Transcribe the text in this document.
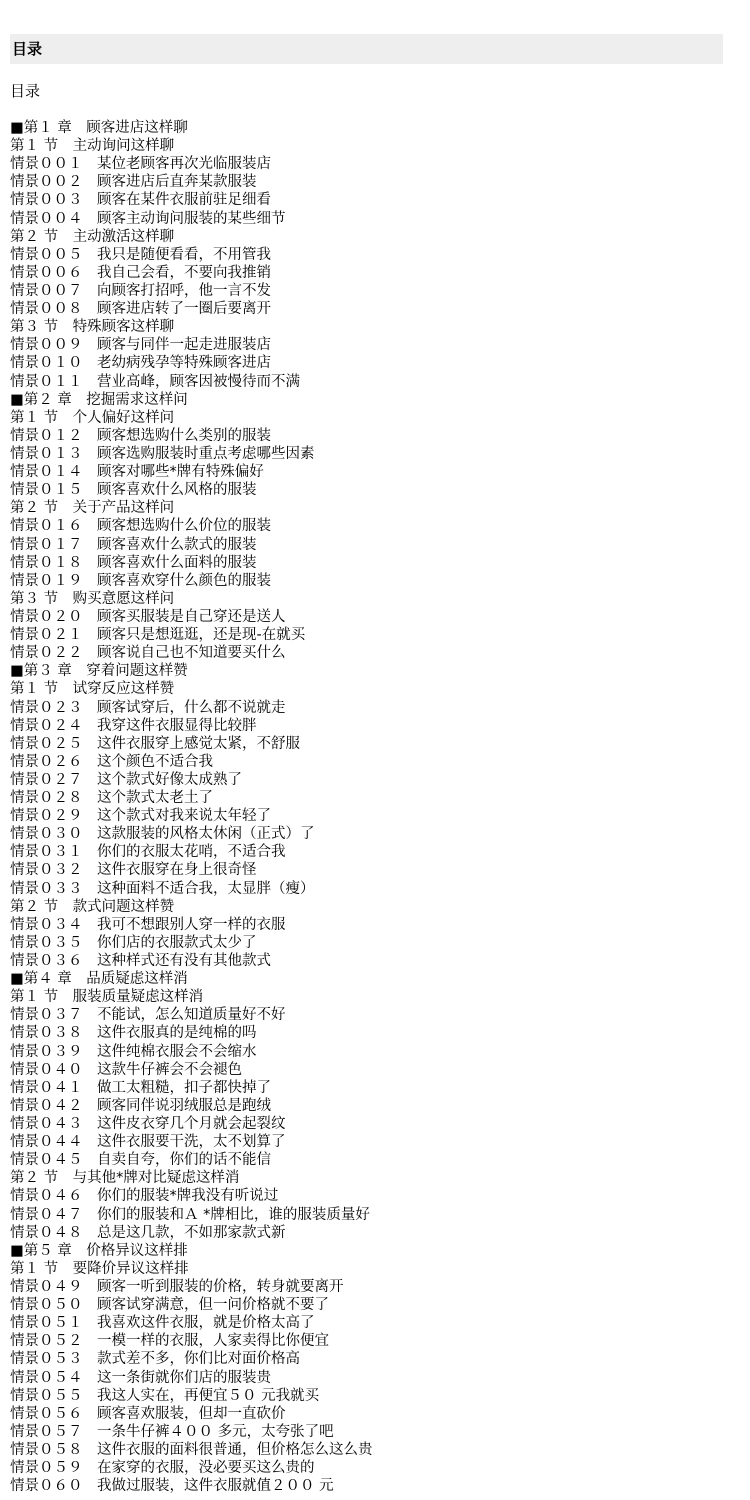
目录
目录
■第１ 章　顾客进店这样聊
第１ 节　主动询问这样聊
情景００１　某位老顾客再次光临服装店
情景００２　顾客进店后直奔某款服装
情景００３　顾客在某件衣服前驻足细看
情景００４　顾客主动询问服装的某些细节
第２ 节　主动激活这样聊
情景００５　我只是随便看看，不用管我
情景００６　我自己会看，不要向我推销
情景００７　向顾客打招呼，他一言不发
情景００８　顾客进店转了一圈后要离开
第３ 节　特殊顾客这样聊
情景００９　顾客与同伴一起走进服装店
情景０１０　老幼病残孕等特殊顾客进店
情景０１１　营业高峰，顾客因被慢待而不满
■第２ 章　挖掘需求这样问
第１ 节　个人偏好这样问
情景０１２　顾客想选购什么类别的服装
情景０１３　顾客选购服装时重点考虑哪些因素
情景０１４　顾客对哪些*牌有特殊偏好
情景０１５　顾客喜欢什么风格的服装
第２ 节　关于产品这样问
情景０１６　顾客想选购什么价位的服装
情景０１７　顾客喜欢什么款式的服装
情景０１８　顾客喜欢什么面料的服装
情景０１９　顾客喜欢穿什么颜色的服装
第３ 节　购买意愿这样问
情景０２０　顾客买服装是自己穿还是送人
情景０２１　顾客只是想逛逛，还是现-在就买
情景０２２　顾客说自己也不知道要买什么
■第３ 章　穿着问题这样赞
第１ 节　试穿反应这样赞
情景０２３　顾客试穿后，什么都不说就走
情景０２４　我穿这件衣服显得比较胖
情景０２５　这件衣服穿上感觉太紧，不舒服
情景０２６　这个颜色不适合我
情景０２７　这个款式好像太成熟了
情景０２８　这个款式太老土了
情景０２９　这个款式对我来说太年轻了
情景０３０　这款服装的风格太休闲（正式）了
情景０３１　你们的衣服太花哨，不适合我
情景０３２　这件衣服穿在身上很奇怪
情景０３３　这种面料不适合我，太显胖（瘦）
第２ 节　款式问题这样赞
情景０３４　我可不想跟别人穿一样的衣服
情景０３５　你们店的衣服款式太少了
情景０３６　这种样式还有没有其他款式
■第４ 章　品质疑虑这样消
第１ 节　服装质量疑虑这样消
情景０３７　不能试，怎么知道质量好不好
情景０３８　这件衣服真的是纯棉的吗
情景０３９　这件纯棉衣服会不会缩水
情景０４０　这款牛仔裤会不会褪色
情景０４１　做工太粗糙，扣子都快掉了
情景０４２　顾客同伴说羽绒服总是跑绒
情景０４３　这件皮衣穿几个月就会起裂纹
情景０４４　这件衣服要干洗，太不划算了
情景０４５　自卖自夸，你们的话不能信
第２ 节　与其他*牌对比疑虑这样消
情景０４６　你们的服装*牌我没有听说过
情景０４７　你们的服装和Ａ *牌相比，谁的服装质量好
情景０４８　总是这几款，不如那家款式新
■第５ 章　价格异议这样排
第１ 节　要降价异议这样排
情景０４９　顾客一听到服装的价格，转身就要离开
情景０５０　顾客试穿满意，但一问价格就不要了
情景０５１　我喜欢这件衣服，就是价格太高了
情景０５２　一模一样的衣服，人家卖得比你便宜
情景０５３　款式差不多，你们比对面价格高
情景０５４　这一条街就你们店的服装贵
情景０５５　我这人实在，再便宜５０ 元我就买
情景０５６　顾客喜欢服装，但却一直砍价
情景０５７　一条牛仔裤４００ 多元，太夸张了吧
情景０５８　这件衣服的面料很普通，但价格怎么这么贵
情景０５９　在家穿的衣服，没必要买这么贵的
情景０６０　我做过服装，这件衣服就值２００ 元
